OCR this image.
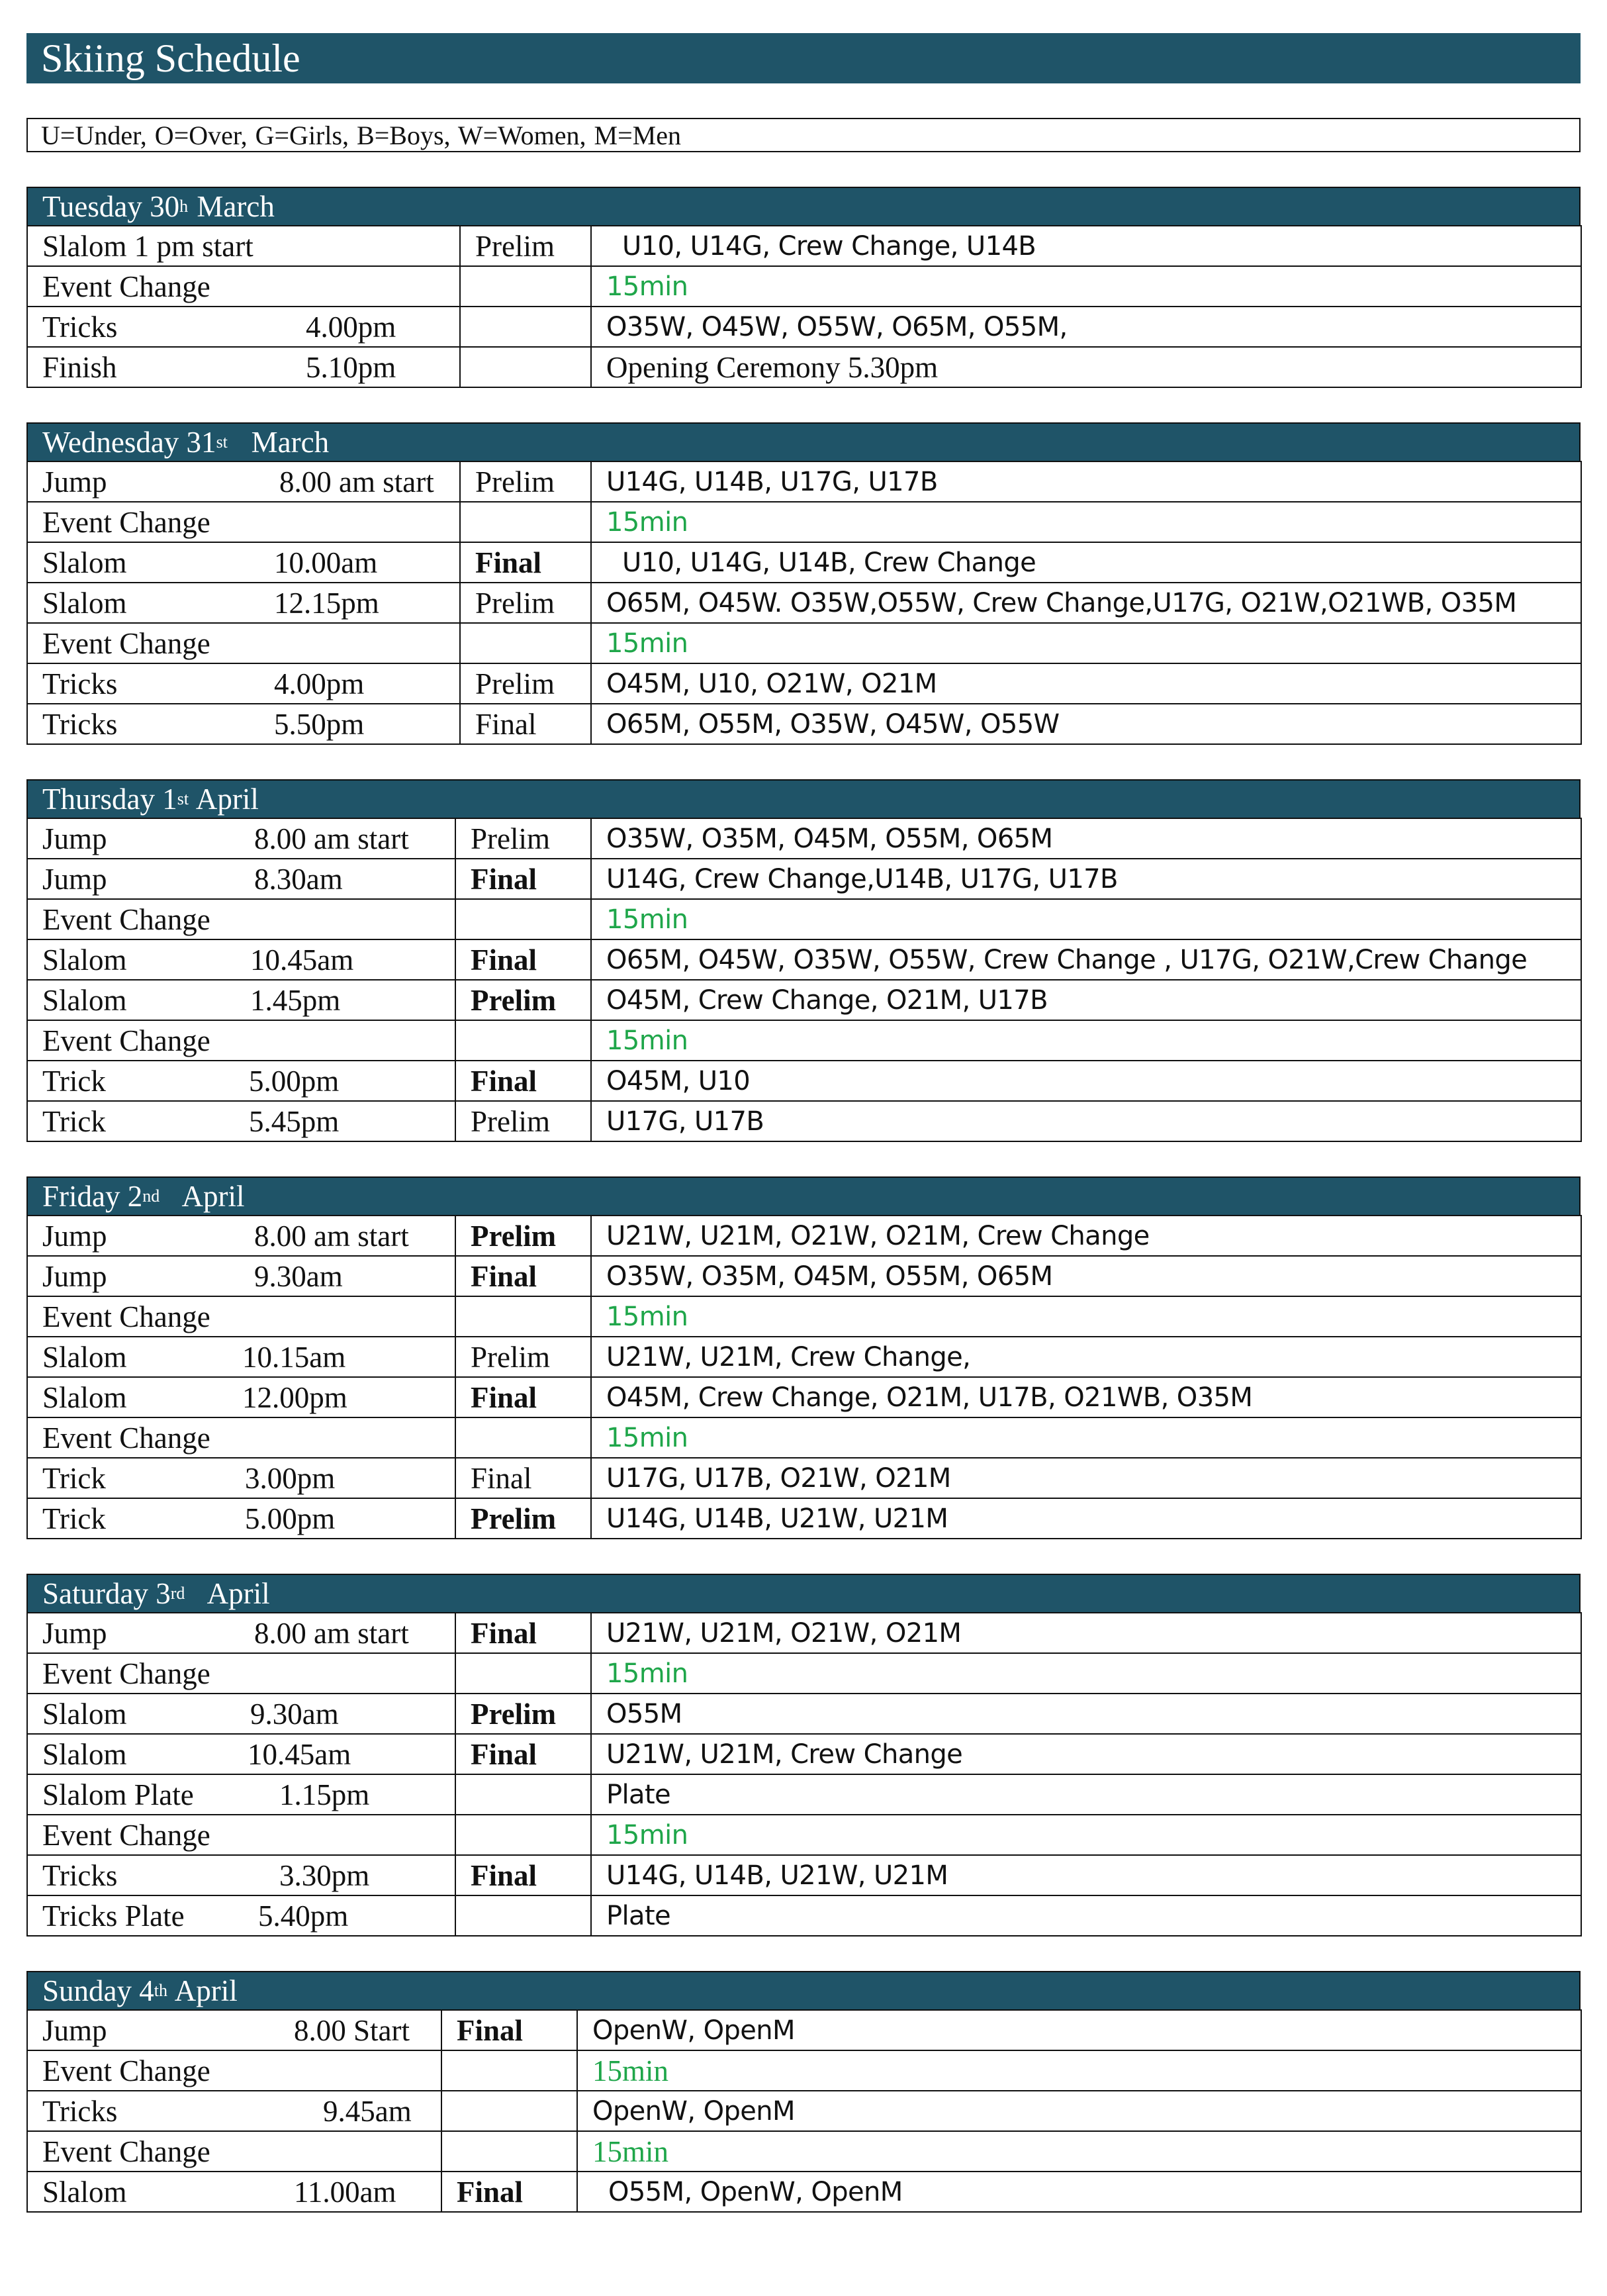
Skiing Schedule
U=Under, O=Over, G=Girls, B=Boys, W=Women, M=Men
Tuesday 30 h March
Slalom 1 pm start	Prelim	U10, U14G, Crew Change, U14B
Event Change		15min
Tricks 4.00pm		O35W, O45W, O55W, O65M, O55M,
Finish 5.10pm		Opening Ceremony 5.30pm
Wednesday 31 st March
Jump 8.00 am start	Prelim	U14G, U14B, U17G, U17B
Event Change		15min
Slalom 10.00am	Final	U10, U14G, U14B, Crew Change
Slalom 12.15pm	Prelim	O65M, O45W. O35W,O55W, Crew Change,U17G, O21W,O21WB, O35M
Event Change		15min
Tricks 4.00pm	Prelim	O45M, U10, O21W, O21M
Tricks 5.50pm	Final	O65M, O55M, O35W, O45W, O55W
Thursday 1 st April
Jump 8.00 am start	Prelim	O35W, O35M, O45M, O55M, O65M
Jump 8.30am	Final	U14G, Crew Change,U14B, U17G, U17B
Event Change		15min
Slalom 10.45am	Final	O65M, O45W, O35W, O55W, Crew Change , U17G, O21W,Crew Change
Slalom 1.45pm	Prelim	O45M, Crew Change, O21M, U17B
Event Change		15min
Trick 5.00pm	Final	O45M, U10
Trick 5.45pm	Prelim	U17G, U17B
Friday 2 nd April
Jump 8.00 am start	Prelim	U21W, U21M, O21W, O21M, Crew Change
Jump 9.30am	Final	O35W, O35M, O45M, O55M, O65M
Event Change		15min
Slalom 10.15am	Prelim	U21W, U21M, Crew Change,
Slalom 12.00pm	Final	O45M, Crew Change, O21M, U17B, O21WB, O35M
Event Change		15min
Trick 3.00pm	Final	U17G, U17B, O21W, O21M
Trick 5.00pm	Prelim	U14G, U14B, U21W, U21M
Saturday 3 rd April
Jump 8.00 am start	Final	U21W, U21M, O21W, O21M
Event Change		15min
Slalom 9.30am	Prelim	O55M
Slalom 10.45am	Final	U21W, U21M, Crew Change
Slalom Plate 1.15pm		Plate
Event Change		15min
Tricks 3.30pm	Final	U14G, U14B, U21W, U21M
Tricks Plate 5.40pm		Plate
Sunday 4 th April
Jump 8.00 Start	Final	OpenW, OpenM
Event Change		15min
Tricks 9.45am		OpenW, OpenM
Event Change		15min
Slalom 11.00am	Final	O55M, OpenW, OpenM
